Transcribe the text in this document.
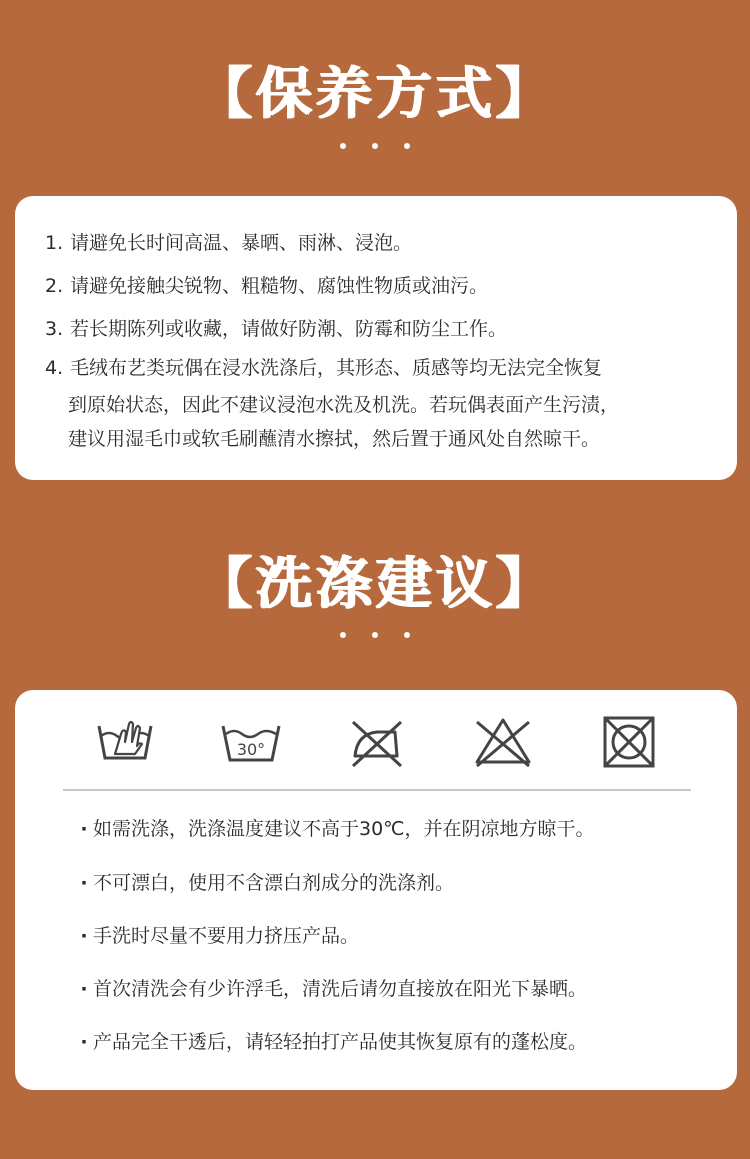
【保养方式】
1. 请避免长时间高温、暴晒、雨淋、浸泡。
2. 请避免接触尖锐物、粗糙物、腐蚀性物质或油污。
3. 若长期陈列或收藏，请做好防潮、防霉和防尘工作。
4. 毛绒布艺类玩偶在浸水洗涤后，其形态、质感等均无法完全恢复
到原始状态，因此不建议浸泡水洗及机洗。若玩偶表面产生污渍，
建议用湿毛巾或软毛刷蘸清水擦拭，然后置于通风处自然晾干。
【洗涤建议】
30°
· 如需洗涤，洗涤温度建议不高于30℃，并在阴凉地方晾干。
· 不可漂白，使用不含漂白剂成分的洗涤剂。
· 手洗时尽量不要用力挤压产品。
· 首次清洗会有少许浮毛，清洗后请勿直接放在阳光下暴晒。
· 产品完全干透后，请轻轻拍打产品使其恢复原有的蓬松度。
